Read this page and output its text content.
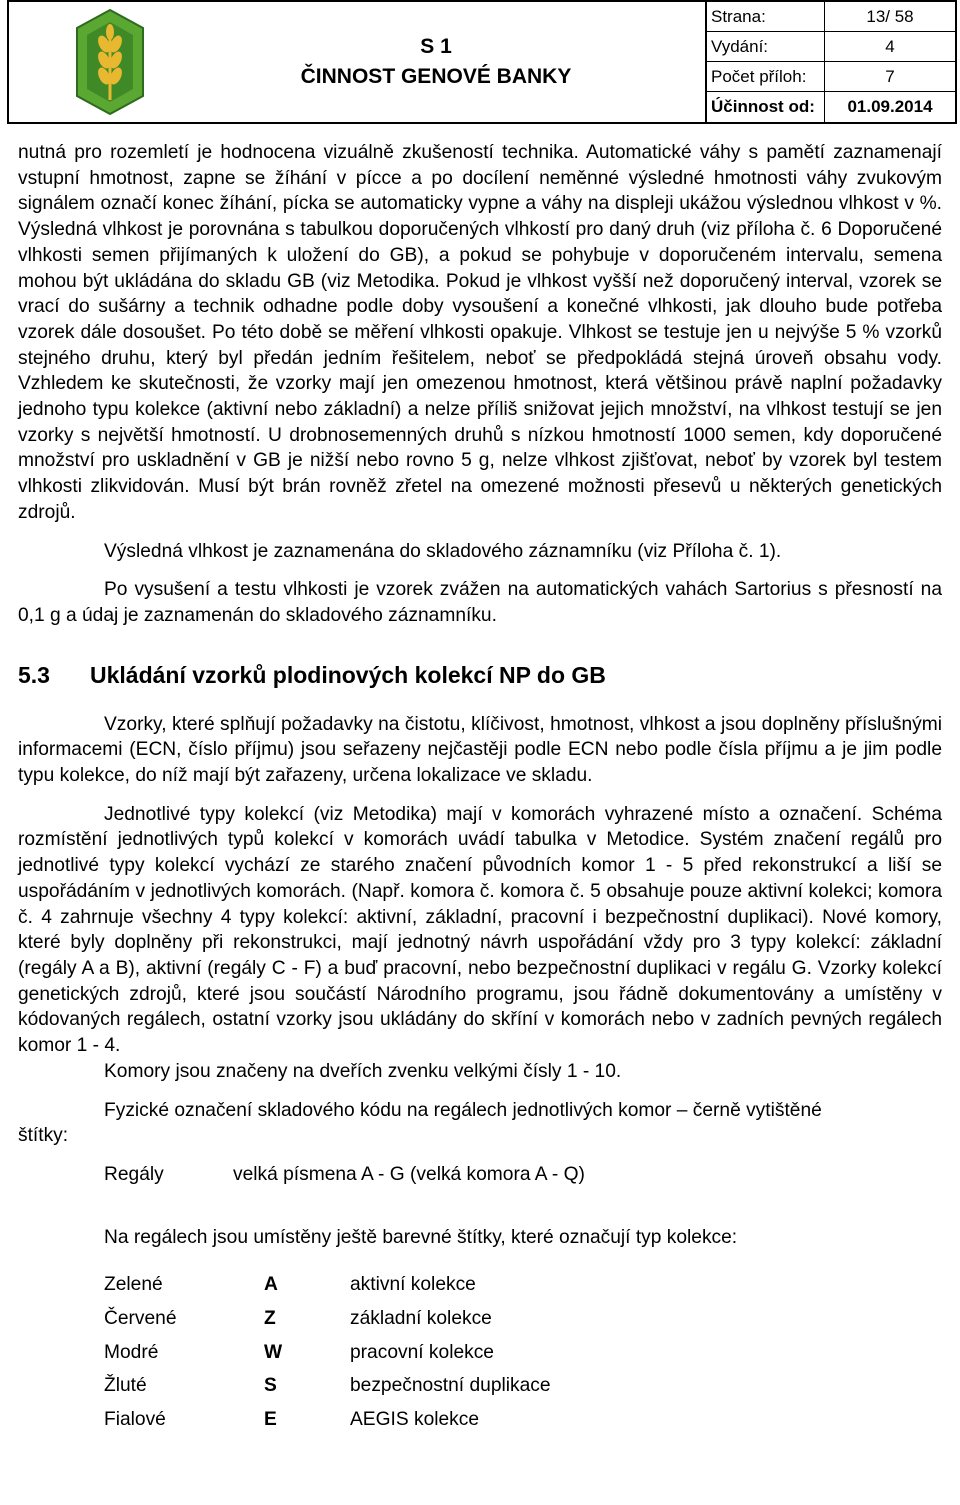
S 1
ČINNOST GENOVÉ BANKY
Strana:	13/ 58
Vydání:	4
Počet příloh:	7
Účinnost od:	01.09.2014

nutná pro rozemletí je hodnocena vizuálně zkušeností technika. Automatické váhy s pamětí zaznamenají vstupní hmotnost, zapne se žíhání v pícce a po docílení neměnné výsledné hmotnosti váhy zvukovým signálem označí konec žíhání, pícka se automaticky vypne a váhy na displeji ukážou výslednou vlhkost v %. Výsledná vlhkost je porovnána s tabulkou doporučených vlhkostí pro daný druh (viz příloha č. 6 Doporučené vlhkosti semen přijímaných k uložení do GB), a pokud se pohybuje v doporučeném intervalu, semena mohou být ukládána do skladu GB (viz Metodika. Pokud je vlhkost vyšší než doporučený interval, vzorek se vrací do sušárny a technik odhadne podle doby vysoušení a konečné vlhkosti, jak dlouho bude potřeba vzorek dále dosoušet. Po této době se měření vlhkosti opakuje. Vlhkost se testuje jen u nejvýše 5 % vzorků stejného druhu, který byl předán jedním řešitelem, neboť se předpokládá stejná úroveň obsahu vody. Vzhledem ke skutečnosti, že vzorky mají jen omezenou hmotnost, která většinou právě naplní požadavky jednoho typu kolekce (aktivní nebo základní) a nelze příliš snižovat jejich množství, na vlhkost testují se jen vzorky s největší hmotností. U drobnosemenných druhů s nízkou hmotností 1000 semen, kdy doporučené množství pro uskladnění v GB je nižší nebo rovno 5 g, nelze vlhkost zjišťovat, neboť by vzorek byl testem vlhkosti zlikvidován. Musí být brán rovněž zřetel na omezené možnosti přesevů u některých genetických zdrojů.

Výsledná vlhkost je zaznamenána do skladového záznamníku (viz Příloha č. 1).

Po vysušení a testu vlhkosti je vzorek zvážen na automatických vahách Sartorius s přesností na 0,1 g a údaj je zaznamenán do skladového záznamníku.

5.3 Ukládání vzorků plodinových kolekcí NP do GB

Vzorky, které splňují požadavky na čistotu, klíčivost, hmotnost, vlhkost a jsou doplněny příslušnými informacemi (ECN, číslo příjmu) jsou seřazeny nejčastěji podle ECN nebo podle čísla příjmu a je jim podle typu kolekce, do níž mají být zařazeny, určena lokalizace ve skladu.

Jednotlivé typy kolekcí (viz Metodika) mají v komorách vyhrazené místo a označení. Schéma rozmístění jednotlivých typů kolekcí v komorách uvádí tabulka v Metodice. Systém značení regálů pro jednotlivé typy kolekcí vychází ze starého značení původních komor 1 - 5 před rekonstrukcí a liší se uspořádáním v jednotlivých komorách. (Např. komora č. komora č. 5 obsahuje pouze aktivní kolekci; komora č. 4 zahrnuje všechny 4 typy kolekcí: aktivní, základní, pracovní i bezpečnostní duplikaci). Nové komory, které byly doplněny při rekonstrukci, mají jednotný návrh uspořádání vždy pro 3 typy kolekcí: základní (regály A a B), aktivní (regály C - F) a buď pracovní, nebo bezpečnostní duplikaci v regálu G. Vzorky kolekcí genetických zdrojů, které jsou součástí Národního programu, jsou řádně dokumentovány a umístěny v kódovaných regálech, ostatní vzorky jsou ukládány do skříní v komorách nebo v zadních pevných regálech komor 1 - 4.

Komory jsou značeny na dveřích zvenku velkými čísly 1 - 10.

Fyzické označení skladového kódu na regálech jednotlivých komor – černě vytištěné

štítky:
Regály	velká písmena A - G (velká komora A - Q)

Na regálech jsou umístěny ještě barevné štítky, které označují typ kolekce:

Zelené	A	aktivní kolekce
Červené	Z	základní kolekce
Modré	W	pracovní kolekce
Žluté	S	bezpečnostní duplikace
Fialové	E	AEGIS kolekce
